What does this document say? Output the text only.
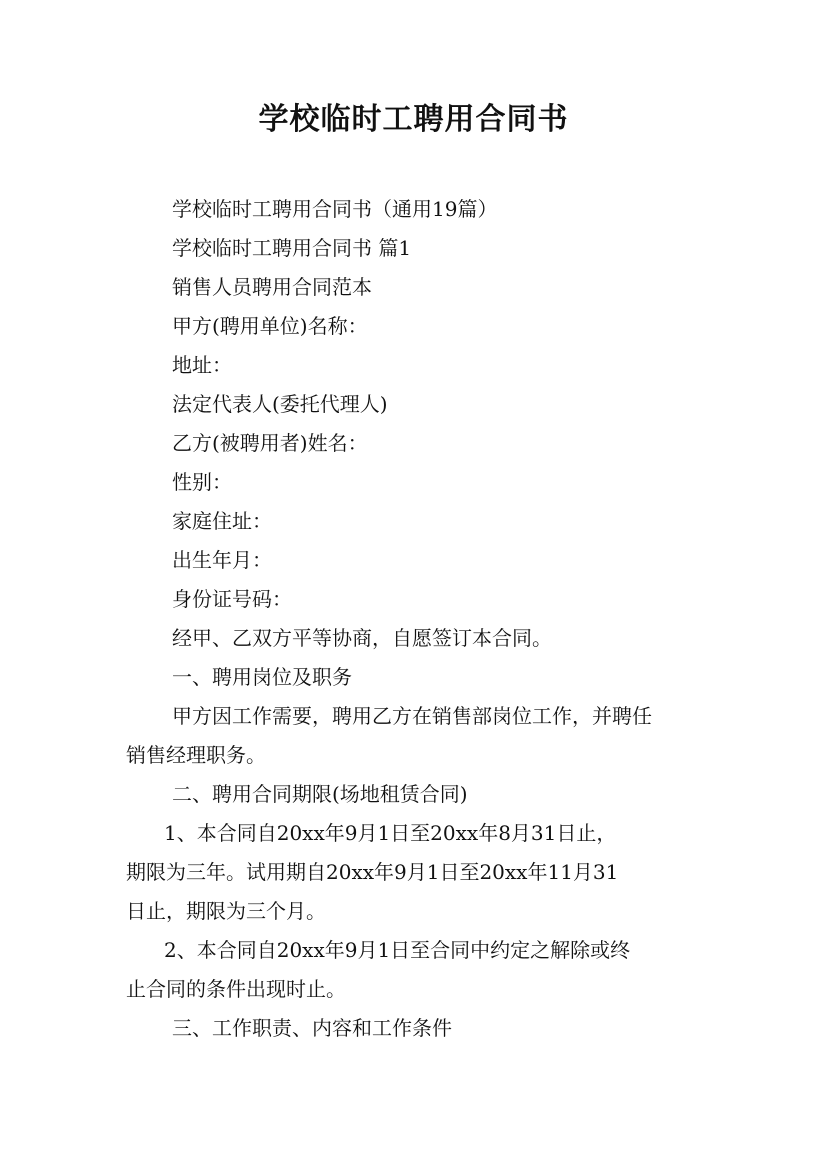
学校临时工聘用合同书

学校临时工聘用合同书（通用19篇）

学校临时工聘用合同书 篇1

销售人员聘用合同范本

甲方(聘用单位)名称：

地址：

法定代表人(委托代理人)

乙方(被聘用者)姓名：

性别：

家庭住址：

出生年月：

身份证号码：

经甲、乙双方平等协商，自愿签订本合同。

一、聘用岗位及职务

甲方因工作需要，聘用乙方在销售部岗位工作，并聘任

销售经理职务。

二、聘用合同期限(场地租赁合同)

1、本合同自20xx年9月1日至20xx年8月31日止，

期限为三年。试用期自20xx年9月1日至20xx年11月31

日止，期限为三个月。

2、本合同自20xx年9月1日至合同中约定之解除或终

止合同的条件出现时止。

三、工作职责、内容和工作条件
